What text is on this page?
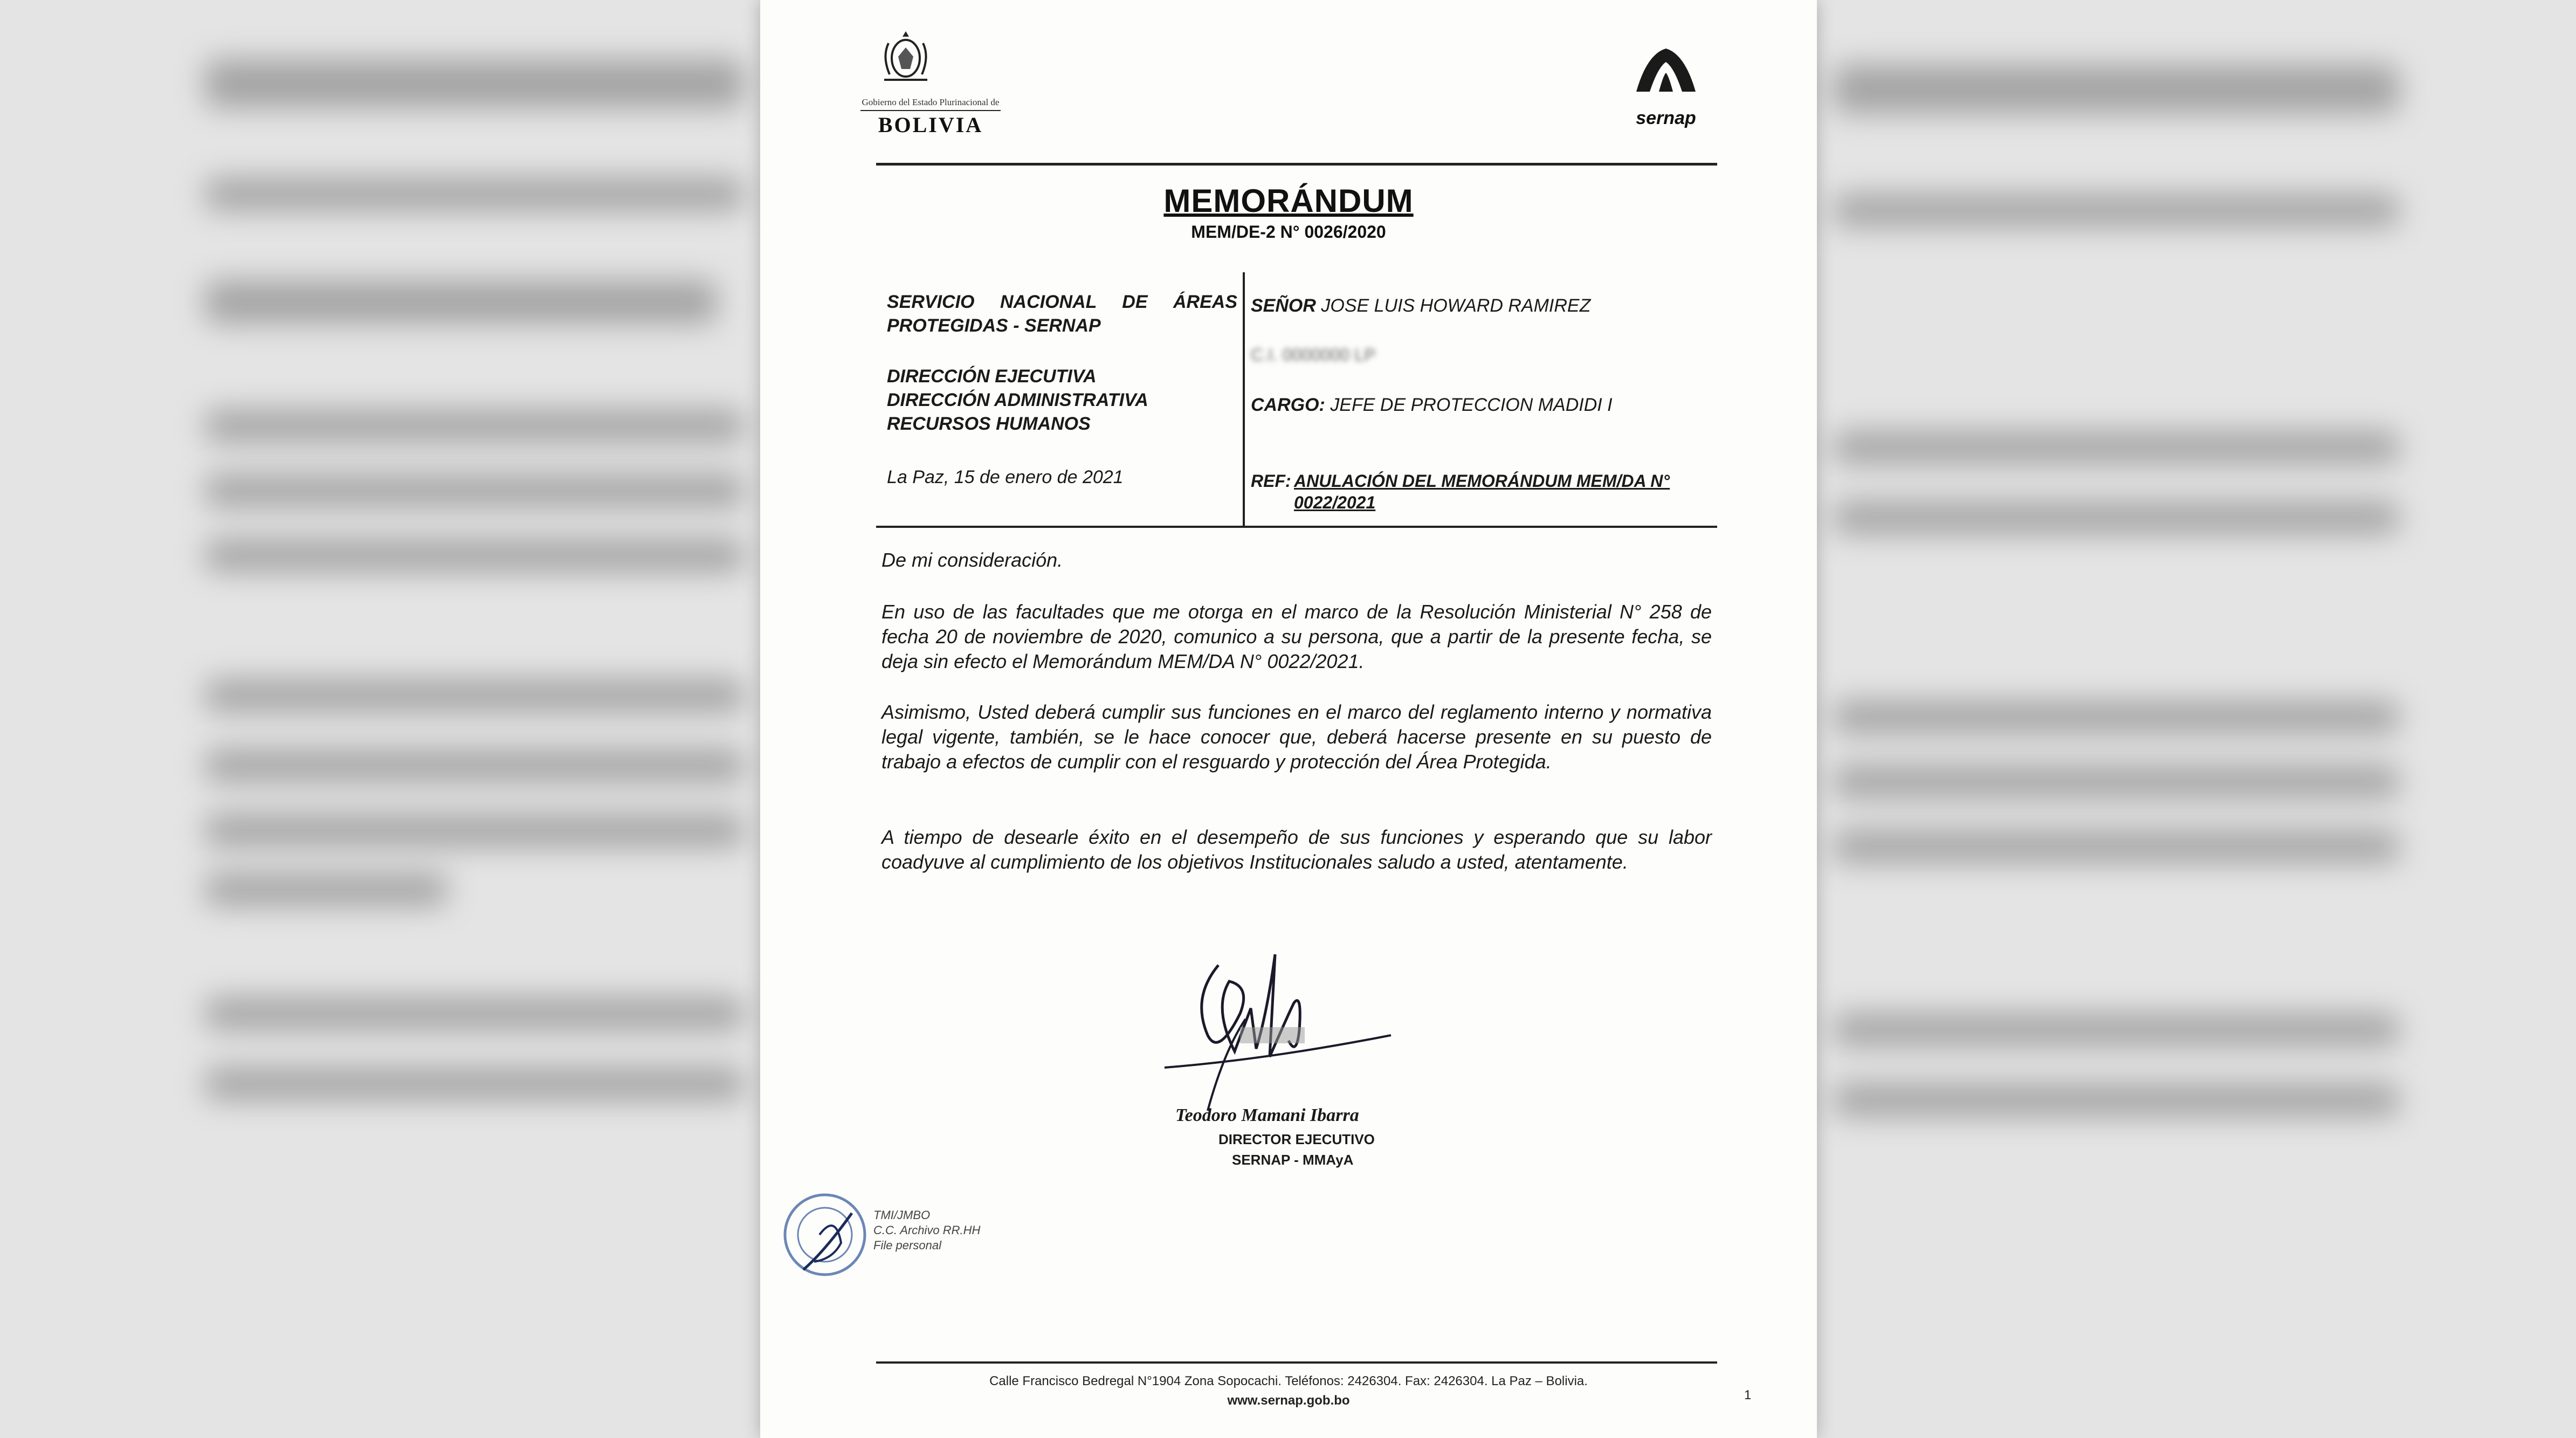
Gobierno del Estado Plurinacional de
BOLIVIA	sernap
MEMORÁNDUM
MEM/DE-2 N° 0026/2020
SERVICIO NACIONAL DE ÁREAS
PROTEGIDAS - SERNAP
DIRECCIÓN EJECUTIVA
DIRECCIÓN ADMINISTRATIVA
RECURSOS HUMANOS
La Paz, 15 de enero de 2021
SEÑOR JOSE LUIS HOWARD RAMIREZ
C.I. 0000000 LP
CARGO: JEFE DE PROTECCION MADIDI I
REF: ANULACIÓN DEL MEMORÁNDUM MEM/DA N°
0022/2021
De mi consideración.
En uso de las facultades que me otorga en el marco de la Resolución Ministerial N° 258 de fecha 20 de noviembre de 2020, comunico a su persona, que a partir de la presente fecha, se deja sin efecto el Memorándum MEM/DA N° 0022/2021.
Asimismo, Usted deberá cumplir sus funciones en el marco del reglamento interno y normativa legal vigente, también, se le hace conocer que, deberá hacerse presente en su puesto de trabajo a efectos de cumplir con el resguardo y protección del Área Protegida.
A tiempo de desearle éxito en el desempeño de sus funciones y esperando que su labor coadyuve al cumplimiento de los objetivos Institucionales saludo a usted, atentamente.
Teodoro Mamani Ibarra
DIRECTOR EJECUTIVO
SERNAP - MMAyA
TMI/JMBO
C.C. Archivo RR.HH
File personal
Calle Francisco Bedregal N°1904 Zona Sopocachi. Teléfonos: 2426304. Fax: 2426304. La Paz – Bolivia.
www.sernap.gob.bo	1
